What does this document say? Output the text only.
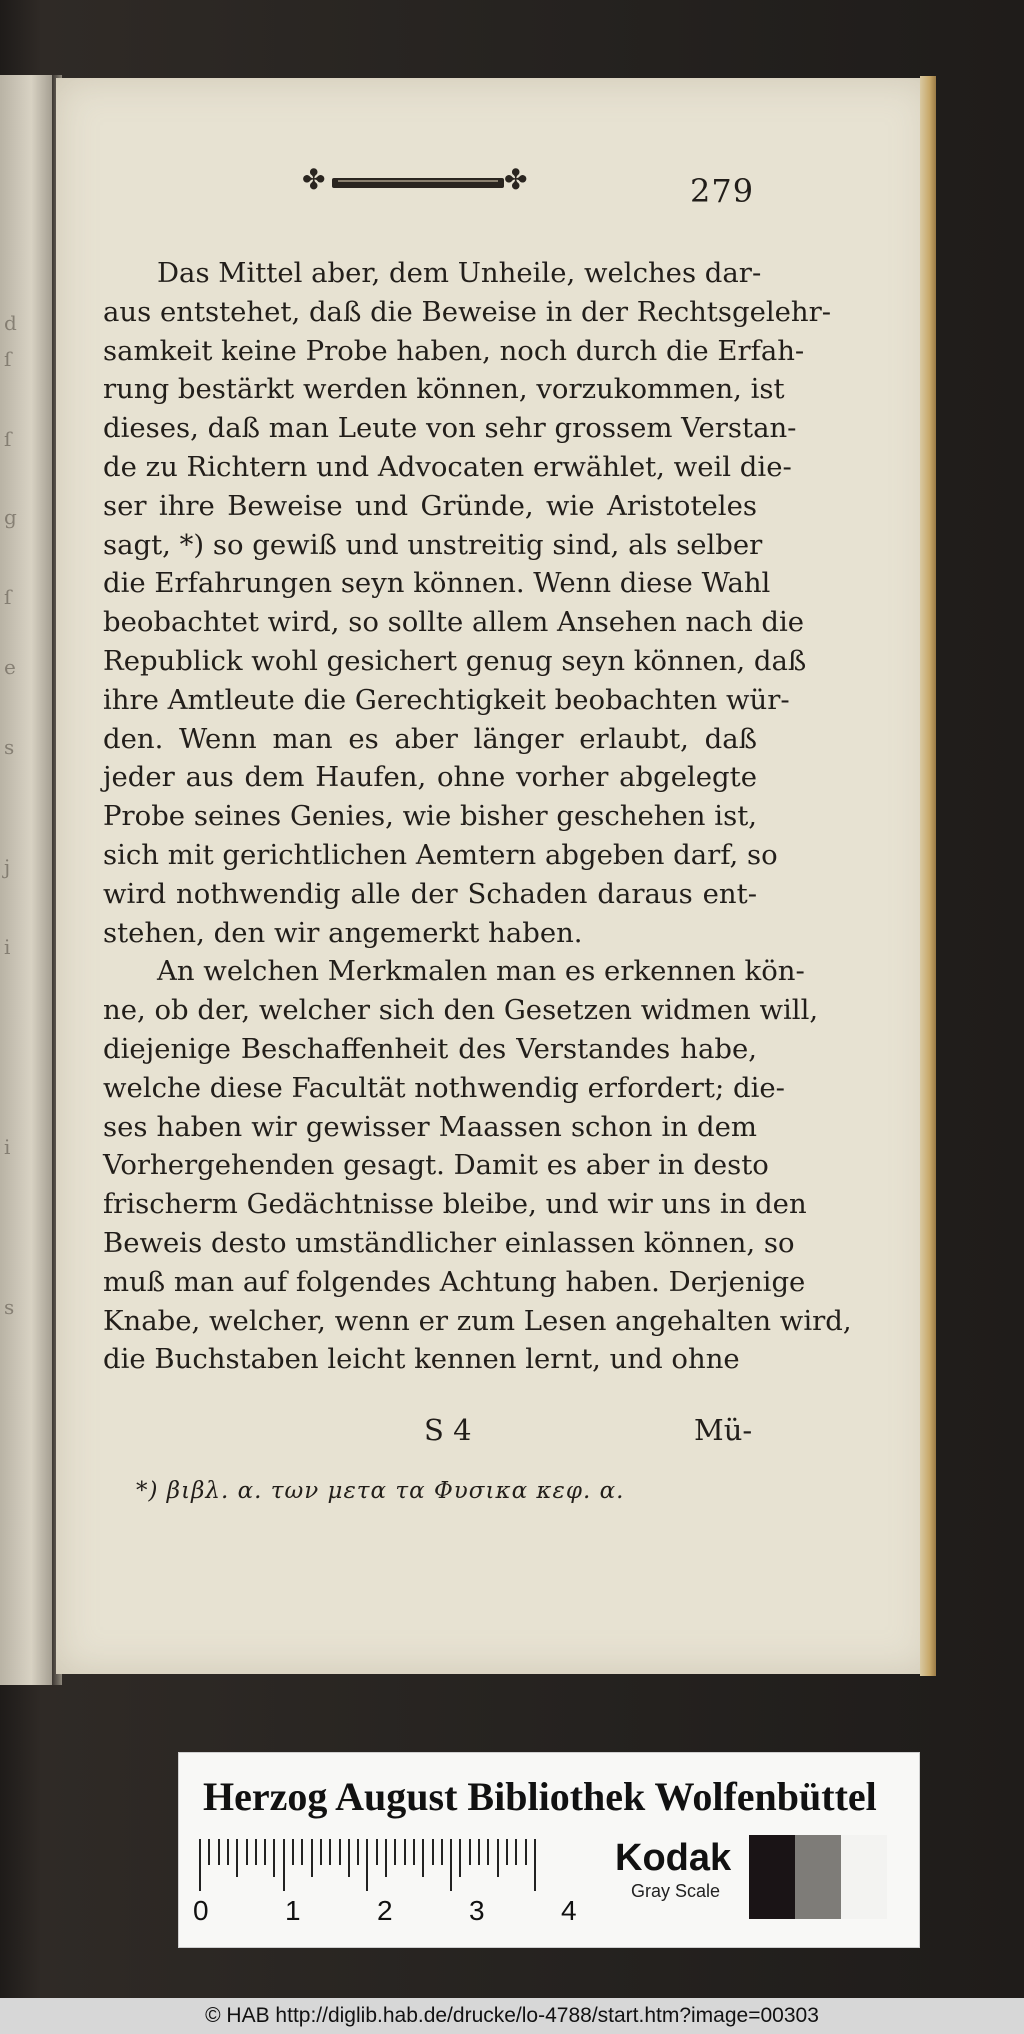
d
ſ
ſ
g
ſ
e
s
j
i
i
s
✤	✤	279
Das Mittel aber, dem Unheile, welches dar-
aus entstehet, daß die Beweise in der Rechtsgelehr-
samkeit keine Probe haben, noch durch die Erfah-
rung bestärkt werden können, vorzukommen, ist
dieses, daß man Leute von sehr grossem Verstan-
de zu Richtern und Advocaten erwählet, weil die-
ser ihre Beweise und Gründe, wie Aristoteles
sagt, *) so gewiß und unstreitig sind, als selber
die Erfahrungen seyn können. Wenn diese Wahl
beobachtet wird, so sollte allem Ansehen nach die
Republick wohl gesichert genug seyn können, daß
ihre Amtleute die Gerechtigkeit beobachten wür-
den. Wenn man es aber länger erlaubt, daß
jeder aus dem Haufen, ohne vorher abgelegte
Probe seines Genies, wie bisher geschehen ist,
sich mit gerichtlichen Aemtern abgeben darf, so
wird nothwendig alle der Schaden daraus ent-
stehen, den wir angemerkt haben.
An welchen Merkmalen man es erkennen kön-
ne, ob der, welcher sich den Gesetzen widmen will,
diejenige Beschaffenheit des Verstandes habe,
welche diese Facultät nothwendig erfordert; die-
ses haben wir gewisser Maassen schon in dem
Vorhergehenden gesagt. Damit es aber in desto
frischerm Gedächtnisse bleibe, und wir uns in den
Beweis desto umständlicher einlassen können, so
muß man auf folgendes Achtung haben. Derjenige
Knabe, welcher, wenn er zum Lesen angehalten wird,
die Buchstaben leicht kennen lernt, und ohne
S 4	Mü-
*) βιβλ. α. των μετα τα Φυσικα κεφ. α.
Herzog August Bibliothek Wolfenbüttel
0	1	2	3	4
Kodak
Gray Scale
© HAB http://diglib.hab.de/drucke/lo-4788/start.htm?image=00303
